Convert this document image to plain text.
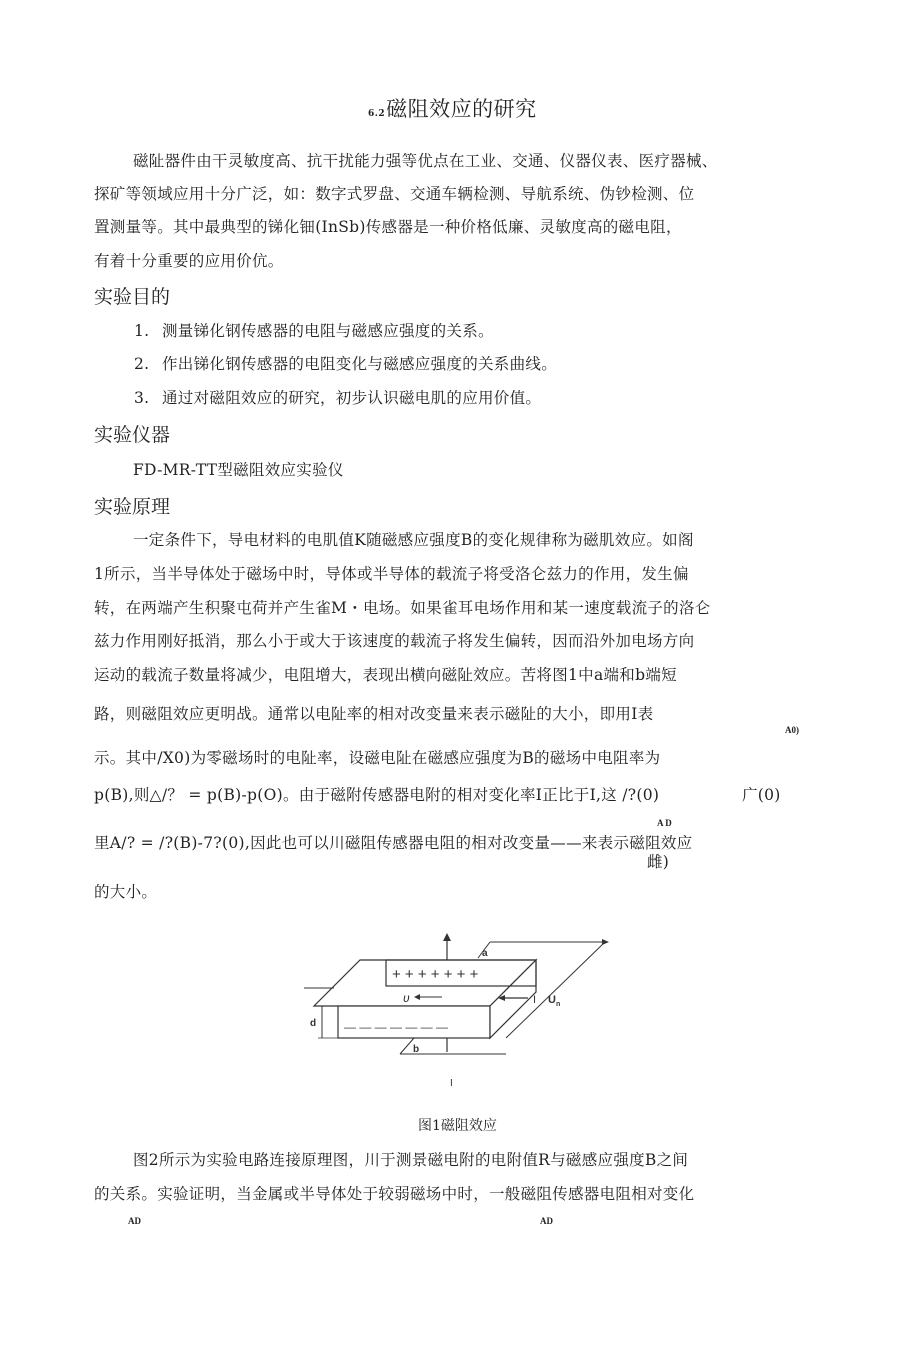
6.2磁阻效应的研究
磁阯器件由干灵敏度高、抗干扰能力强等优点在工业、交通、仪器仪表、医疗器械、
探矿等领域应用十分广泛，如：数字式罗盘、交通车辆检测、导航系统、伪钞检测、位
置测量等。其中最典型的锑化钿(InSb)传感器是一种价格低廉、灵敏度高的磁电阻，
有着十分重要的应用价伉。
实验目的
1. 测量锑化钢传感器的电阻与磁感应强度的关系。
2. 作出锑化钢传感器的电阻变化与磁感应强度的关系曲线。
3. 通过对磁阻效应的研究，初步认识磁电肌的应用价值。
实验仪器
FD-MR-TT型磁阻效应实验仪
实验原理
一定条件下，导电材料的电肌值K随磁感应强度B的变化规律称为磁肌效应。如阁
1所示，当半导体处于磁场中时，导体或半导体的载流子将受洛仑兹力的作用，发生偏
转，在两端产生积聚屯荷并产生雀M・电场。如果雀耳电场作用和某一速度载流子的洛仑
兹力作用刚好抵消，那么小于或大于该速度的载流子将发生偏转，因而沿外加电场方向
运动的载流子数量将减少，电阻增大，表现出横向磁阯效应。苦将图1中a端和b端短
路，则磁阻效应更明战。通常以电阯率的相对改变量来表示磁阯的大小，即用I表
A0)
示。其中/X0)为零磁场时的电阯率，设磁电阯在磁感应强度为B的磁场中电阻率为
p(B),则△/？ = p(B)-p(O)。由于磁附传感器电附的相对变化率I正比于I,这 /?(0)	广(0)
A D
里A/? = /?(B)-7?(0),因此也可以川磁阻传感器电阻的相对改变量——来表示磁阻效应
雌)
的大小。
+ + + + + + +
υ	I $U_n$
— — — — — — —
d
b
a
I
图1磁阻效应
图2所示为实验电路连接原理图，川于测景磁电附的电附值R与磁感应强度B之间
的关系。实验证明，当金属或半导体处于较弱磁场中时，一般磁阻传感器电阻相对变化
AD	AD
